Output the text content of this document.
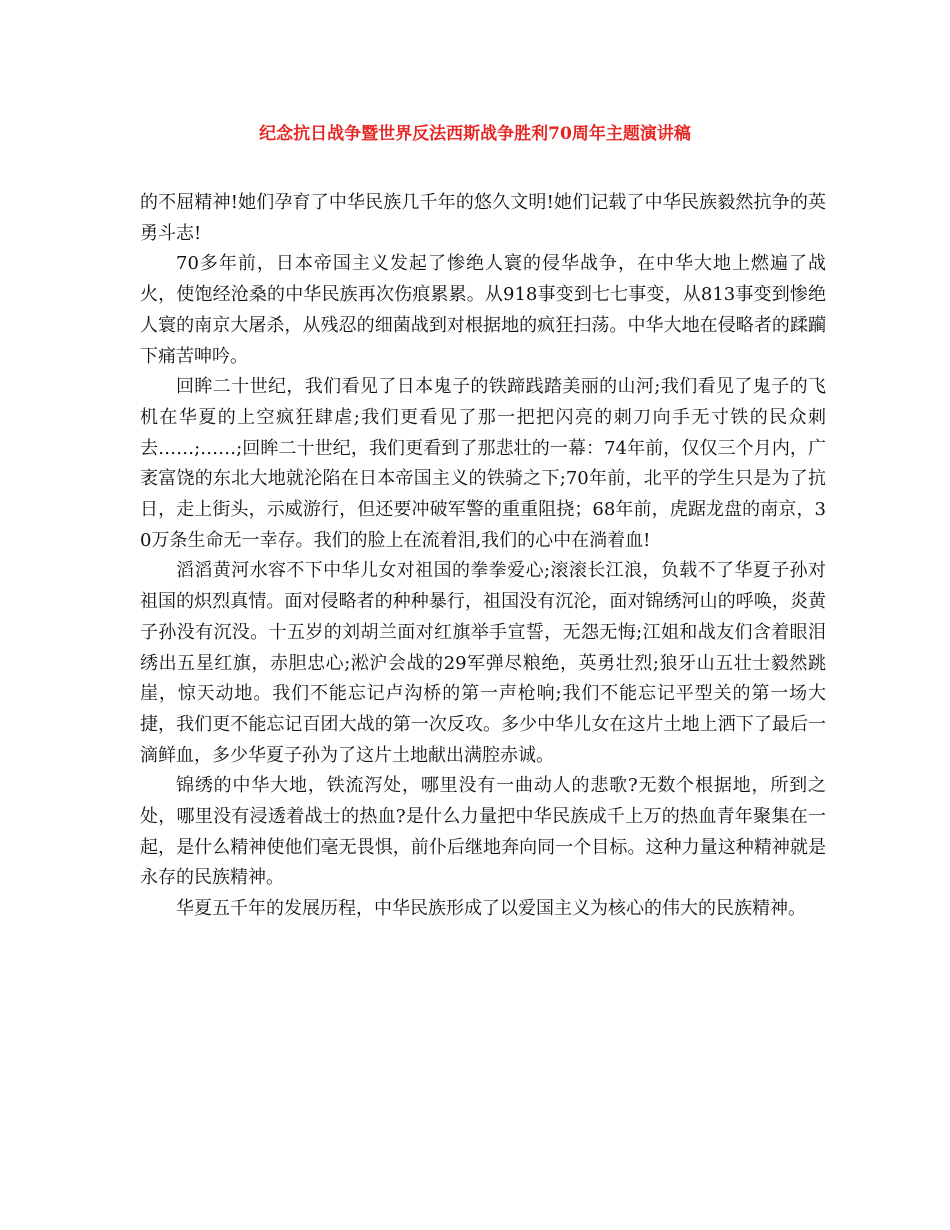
纪念抗日战争暨世界反法西斯战争胜利70周年主题演讲稿

的不屈精神!她们孕育了中华民族几千年的悠久文明!她们记载了中华民族毅然抗争的英勇斗志!

70多年前，日本帝国主义发起了惨绝人寰的侵华战争，在中华大地上燃遍了战火，使饱经沧桑的中华民族再次伤痕累累。从918事变到七七事变，从813事变到惨绝人寰的南京大屠杀，从残忍的细菌战到对根据地的疯狂扫荡。中华大地在侵略者的蹂躏下痛苦呻吟。

回眸二十世纪，我们看见了日本鬼子的铁蹄践踏美丽的山河;我们看见了鬼子的飞机在华夏的上空疯狂肆虐;我们更看见了那一把把闪亮的刺刀向手无寸铁的民众刺去……;……;回眸二十世纪，我们更看到了那悲壮的一幕：74年前，仅仅三个月内，广袤富饶的东北大地就沦陷在日本帝国主义的铁骑之下;70年前，北平的学生只是为了抗日，走上街头，示威游行，但还要冲破军警的重重阻挠；68年前，虎踞龙盘的南京，30万条生命无一幸存。我们的脸上在流着泪,我们的心中在淌着血!

滔滔黄河水容不下中华儿女对祖国的拳拳爱心;滚滚长江浪，负载不了华夏子孙对祖国的炽烈真情。面对侵略者的种种暴行，祖国没有沉沦，面对锦绣河山的呼唤，炎黄子孙没有沉没。十五岁的刘胡兰面对红旗举手宣誓，无怨无悔;江姐和战友们含着眼泪绣出五星红旗，赤胆忠心;淞沪会战的29军弹尽粮绝，英勇壮烈;狼牙山五壮士毅然跳崖，惊天动地。我们不能忘记卢沟桥的第一声枪响;我们不能忘记平型关的第一场大捷，我们更不能忘记百团大战的第一次反攻。多少中华儿女在这片土地上洒下了最后一滴鲜血，多少华夏子孙为了这片土地献出满腔赤诚。

锦绣的中华大地，铁流泻处，哪里没有一曲动人的悲歌?无数个根据地，所到之处，哪里没有浸透着战士的热血?是什么力量把中华民族成千上万的热血青年聚集在一起，是什么精神使他们毫无畏惧，前仆后继地奔向同一个目标。这种力量这种精神就是永存的民族精神。

华夏五千年的发展历程，中华民族形成了以爱国主义为核心的伟大的民族精神。
